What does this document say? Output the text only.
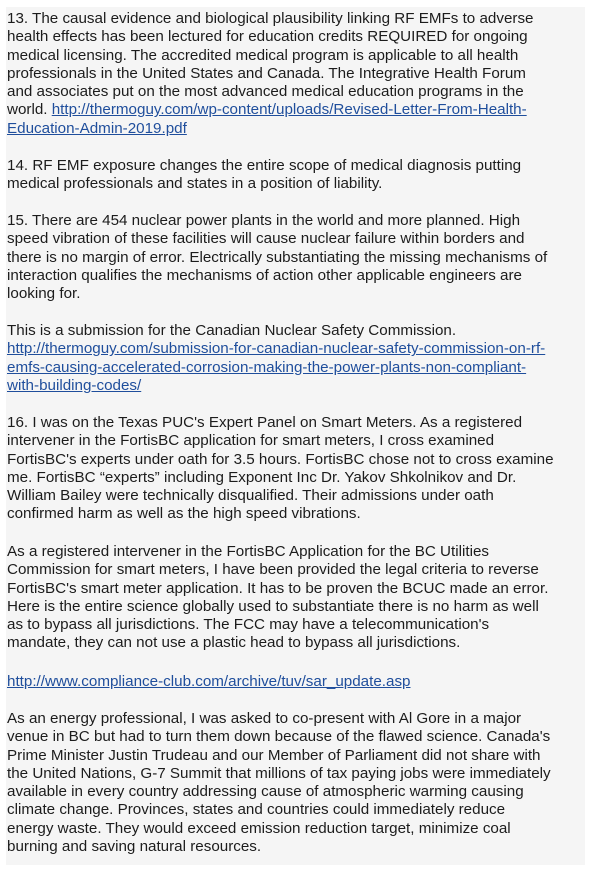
13. The causal evidence and biological plausibility linking RF EMFs to adverse
health effects has been lectured for education credits REQUIRED for ongoing
medical licensing. The accredited medical program is applicable to all health
professionals in the United States and Canada. The Integrative Health Forum
and associates put on the most advanced medical education programs in the
world. http://thermoguy.com/wp-content/uploads/Revised-Letter-From-Health-
Education-Admin-2019.pdf
14. RF EMF exposure changes the entire scope of medical diagnosis putting
medical professionals and states in a position of liability.
15. There are 454 nuclear power plants in the world and more planned. High
speed vibration of these facilities will cause nuclear failure within borders and
there is no margin of error. Electrically substantiating the missing mechanisms of
interaction qualifies the mechanisms of action other applicable engineers are
looking for.
This is a submission for the Canadian Nuclear Safety Commission.
http://thermoguy.com/submission-for-canadian-nuclear-safety-commission-on-rf-
emfs-causing-accelerated-corrosion-making-the-power-plants-non-compliant-
with-building-codes/
16. I was on the Texas PUC's Expert Panel on Smart Meters. As a registered
intervener in the FortisBC application for smart meters, I cross examined
FortisBC's experts under oath for 3.5 hours. FortisBC chose not to cross examine
me. FortisBC “experts” including Exponent Inc Dr. Yakov Shkolnikov and Dr.
William Bailey were technically disqualified. Their admissions under oath
confirmed harm as well as the high speed vibrations.
As a registered intervener in the FortisBC Application for the BC Utilities
Commission for smart meters, I have been provided the legal criteria to reverse
FortisBC's smart meter application. It has to be proven the BCUC made an error.
Here is the entire science globally used to substantiate there is no harm as well
as to bypass all jurisdictions. The FCC may have a telecommunication's
mandate, they can not use a plastic head to bypass all jurisdictions.
http://www.compliance-club.com/archive/tuv/sar_update.asp
As an energy professional, I was asked to co-present with Al Gore in a major
venue in BC but had to turn them down because of the flawed science. Canada's
Prime Minister Justin Trudeau and our Member of Parliament did not share with
the United Nations, G-7 Summit that millions of tax paying jobs were immediately
available in every country addressing cause of atmospheric warming causing
climate change. Provinces, states and countries could immediately reduce
energy waste. They would exceed emission reduction target, minimize coal
burning and saving natural resources.
